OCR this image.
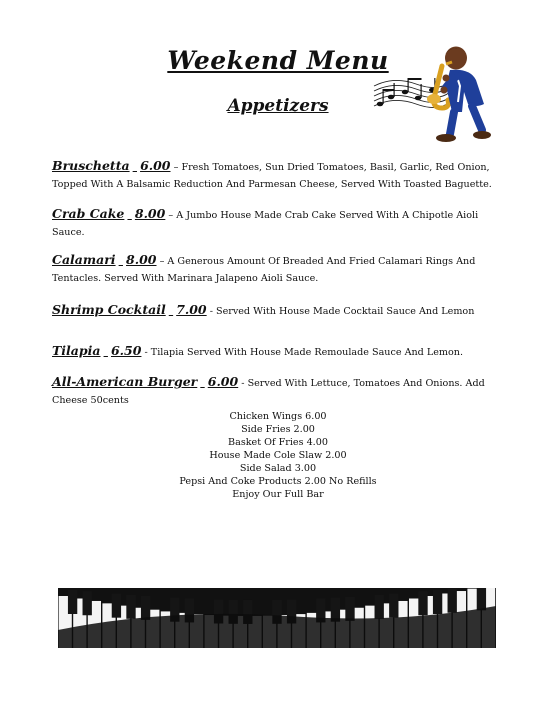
Weekend Menu
Appetizers
Bruschetta 6.00 – Fresh Tomatoes, Sun Dried Tomatoes, Basil, Garlic, Red Onion, Topped With A Balsamic Reduction And Parmesan Cheese, Served With Toasted Baguette.
Crab Cake 8.00 – A Jumbo House Made Crab Cake Served With A Chipotle Aioli Sauce.
Calamari 8.00 – A Generous Amount Of Breaded And Fried Calamari Rings And Tentacles. Served With Marinara Jalapeno Aioli Sauce.
Shrimp Cocktail 7.00 - Served With House Made Cocktail Sauce And Lemon
Tilapia 6.50 - Tilapia Served With House Made Remoulade Sauce And Lemon.
All-American Burger 6.00 - Served With Lettuce, Tomatoes And Onions. Add Cheese 50cents
Chicken Wings 6.00
Side Fries 2.00
Basket Of Fries 4.00
House Made Cole Slaw 2.00
Side Salad 3.00
Pepsi And Coke Products 2.00 No Refills
Enjoy Our Full Bar
